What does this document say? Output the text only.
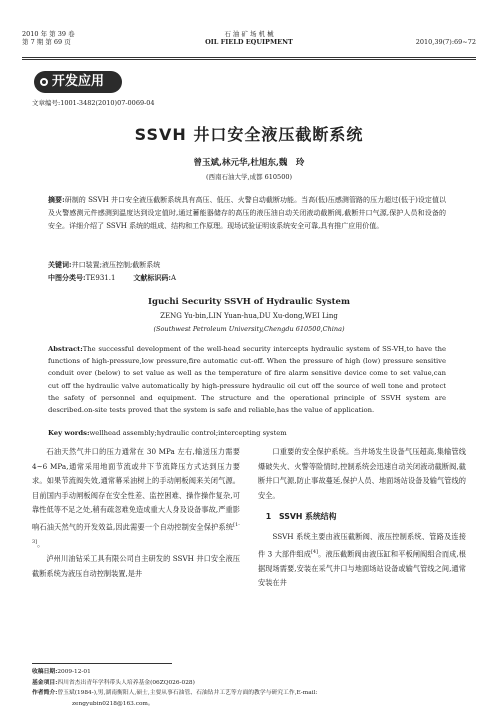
2010 年 第 39 卷
第 7 期 第 69 页
石 油 矿 场 机 械
OIL FIELD EQUIPMENT	2010,39(7):69~72
开发应用
文章编号:1001-3482(2010)07-0069-04
SSVH 井口安全液压截断系统
曾玉斌,林元华,杜旭东,魏　玲
(西南石油大学,成都 610500)
摘要:研制的 SSVH 井口安全液压截断系统具有高压、低压、火警自动截断功能。当高(低)压感测管路的压力超过(低于)设定值以及火警感测元件感测到温度达到设定值时,通过蓄能器储存的高压的液压油自动关闭液动截断阀,截断井口气源,保护人员和设备的安全。详细介绍了 SSVH 系统的组成、结构和工作原理。现场试验证明该系统安全可靠,具有推广应用价值。
关键词:井口装置;液压控制;截断系统
中图分类号:TE931.1	文献标识码:A
Iguchi Security SSVH of Hydraulic System
ZENG Yu-bin,LIN Yuan-hua,DU Xu-dong,WEI Ling
(Southwest Petroleum University,Chengdu 610500,China)
Abstract:The successful development of the well-head security intercepts hydraulic system of SS-VH,to have the functions of high-pressure,low pressure,fire automatic cut-off. When the pressure of high (low) pressure sensitive conduit over (below) to set value as well as the temperature of fire alarm sensitive device come to set value,can cut off the hydraulic valve automatically by high-pressure hydraulic oil cut off the source of well tone and protect the safety of personnel and equipment. The structure and the operational principle of SSVH system are described.on-site tests proved that the system is safe and reliable,has the value of application.
Key words:wellhead assembly;hydraulic control;intercepting system

石油天然气井口的压力通常在 30 MPa 左右,输送压力需要 4~6 MPa,通常采用地面节流或井下节流降压方式达到压力要求。如果节流阀失效,通常幕采油树上的手动闸板阀来关闭气源。目前国内手动闸板阀存在安全性差、监控困难、操作操作复杂,可靠性低等不足之处,稍有疏忽难免造成重大人身及设备事故,严重影响石油天然气的开发效益,因此需要一个自动控制安全保护系统[1-3]。

泸州川油钻采工具有限公司自主研发的 SSVH 井口安全液压截断系统为液压自动控制装置,是井

口重要的安全保护系统。当井场发生设备气压超高,集输管线爆破失火、火警等险情时,控制系统会迅速自动关闭液动截断阀,截断井口气源,防止事故蔓延,保护人员、地面场站设备及输气管线的安全。

1　SSVH 系统结构

SSVH 系统主要由液压截断阀、液压控制系统、管路及连接件 3 大部件组成[4]。液压截断阀由液压缸和平板闸阀组合而成,根据现场需要,安装在采气井口与地面场站设备或输气管线之间,通常安装在井

收稿日期:2009-12-01
基金项目:四川省杰出青年学科带头人培养基金(06ZQ026-028)
作者简介:曾玉斌(1984-),男,湖南衡阳人,硕士,主要从事石油管、石油钻井工艺等方面的教学与研究工作,E-mail:
zengyubin0218@163.com。
